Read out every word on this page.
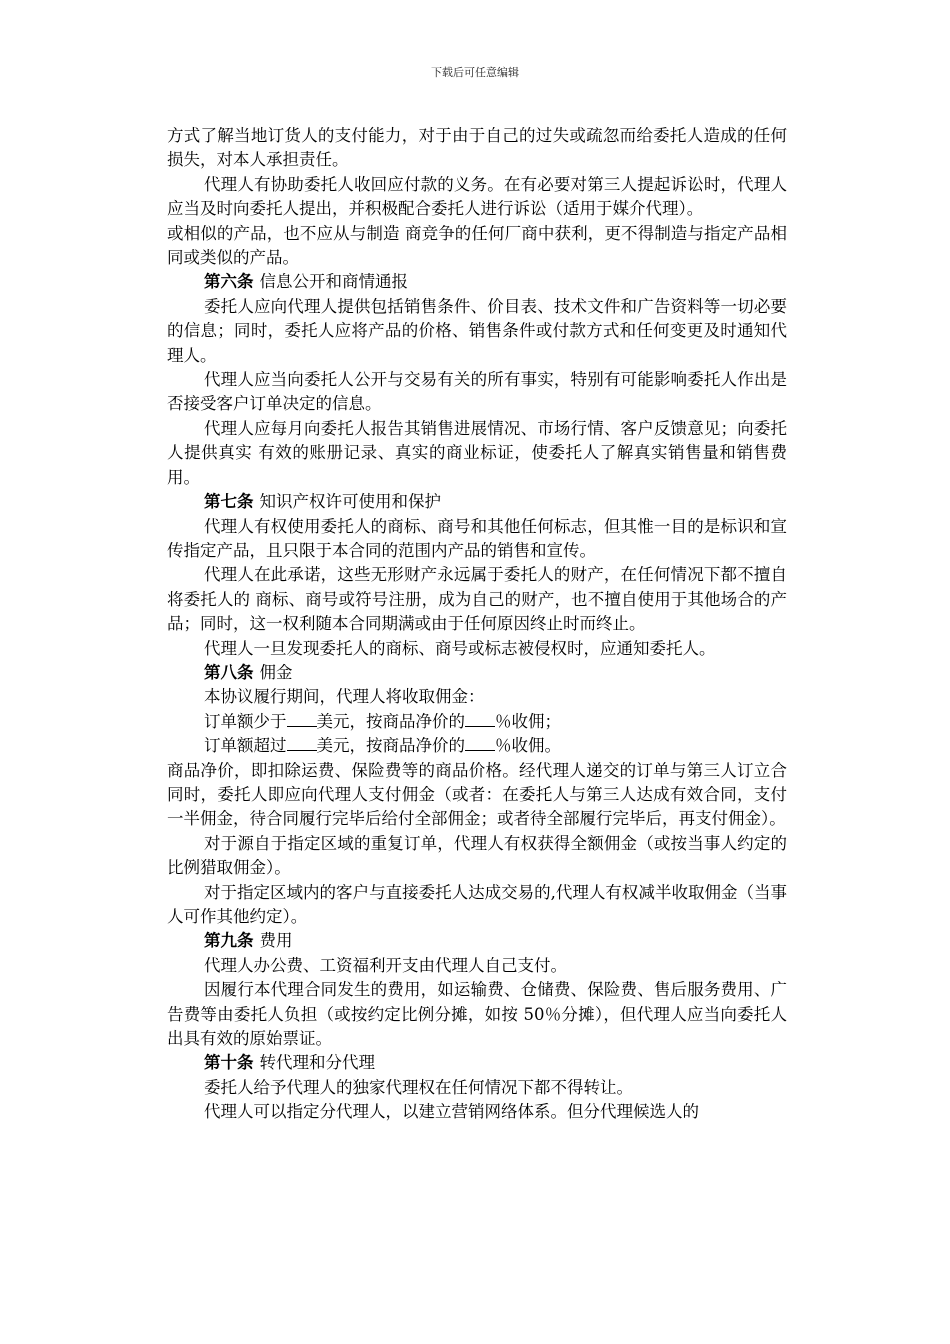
下载后可任意编辑

方式了解当地订货人的支付能力，对于由于自己的过失或疏忽而给委托人造成的任何损失，对本人承担责任。

代理人有协助委托人收回应付款的义务。在有必要对第三人提起诉讼时，代理人应当及时向委托人提出，并积极配合委托人进行诉讼（适用于媒介代理）。

或相似的产品，也不应从与制造 商竞争的任何厂商中获利，更不得制造与指定产品相同或类似的产品。

第六条 信息公开和商情通报

委托人应向代理人提供包括销售条件、价目表、技术文件和广告资料等一切必要的信息；同时，委托人应将产品的价格、销售条件或付款方式和任何变更及时通知代理人。

代理人应当向委托人公开与交易有关的所有事实，特别有可能影响委托人作出是否接受客户订单决定的信息。

代理人应每月向委托人报告其销售进展情况、市场行情、客户反馈意见；向委托人提供真实 有效的账册记录、真实的商业标证，使委托人了解真实销售量和销售费用。

第七条 知识产权许可使用和保护

代理人有权使用委托人的商标、商号和其他任何标志，但其惟一目的是标识和宣传指定产品，且只限于本合同的范围内产品的销售和宣传。

代理人在此承诺，这些无形财产永远属于委托人的财产，在任何情况下都不擅自将委托人的 商标、商号或符号注册，成为自己的财产，也不擅自使用于其他场合的产品；同时，这一权利随本合同期满或由于任何原因终止时而终止。

代理人一旦发现委托人的商标、商号或标志被侵权时，应通知委托人。

第八条 佣金

本协议履行期间，代理人将收取佣金：

订单额少于 美元，按商品净价的 ％收佣；

订单额超过 美元，按商品净价的 ％收佣。

商品净价，即扣除运费、保险费等的商品价格。经代理人递交的订单与第三人订立合同时，委托人即应向代理人支付佣金（或者：在委托人与第三人达成有效合同，支付一半佣金，待合同履行完毕后给付全部佣金；或者待全部履行完毕后，再支付佣金）。

对于源自于指定区域的重复订单，代理人有权获得全额佣金（或按当事人约定的比例猎取佣金）。

对于指定区域内的客户与直接委托人达成交易的,代理人有权减半收取佣金（当事人可作其他约定）。

第九条 费用

代理人办公费、工资福利开支由代理人自己支付。

因履行本代理合同发生的费用，如运输费、仓储费、保险费、售后服务费用、广告费等由委托人负担（或按约定比例分摊，如按 50％分摊），但代理人应当向委托人出具有效的原始票证。

第十条 转代理和分代理

委托人给予代理人的独家代理权在任何情况下都不得转让。

代理人可以指定分代理人，以建立营销网络体系。但分代理候选人的
